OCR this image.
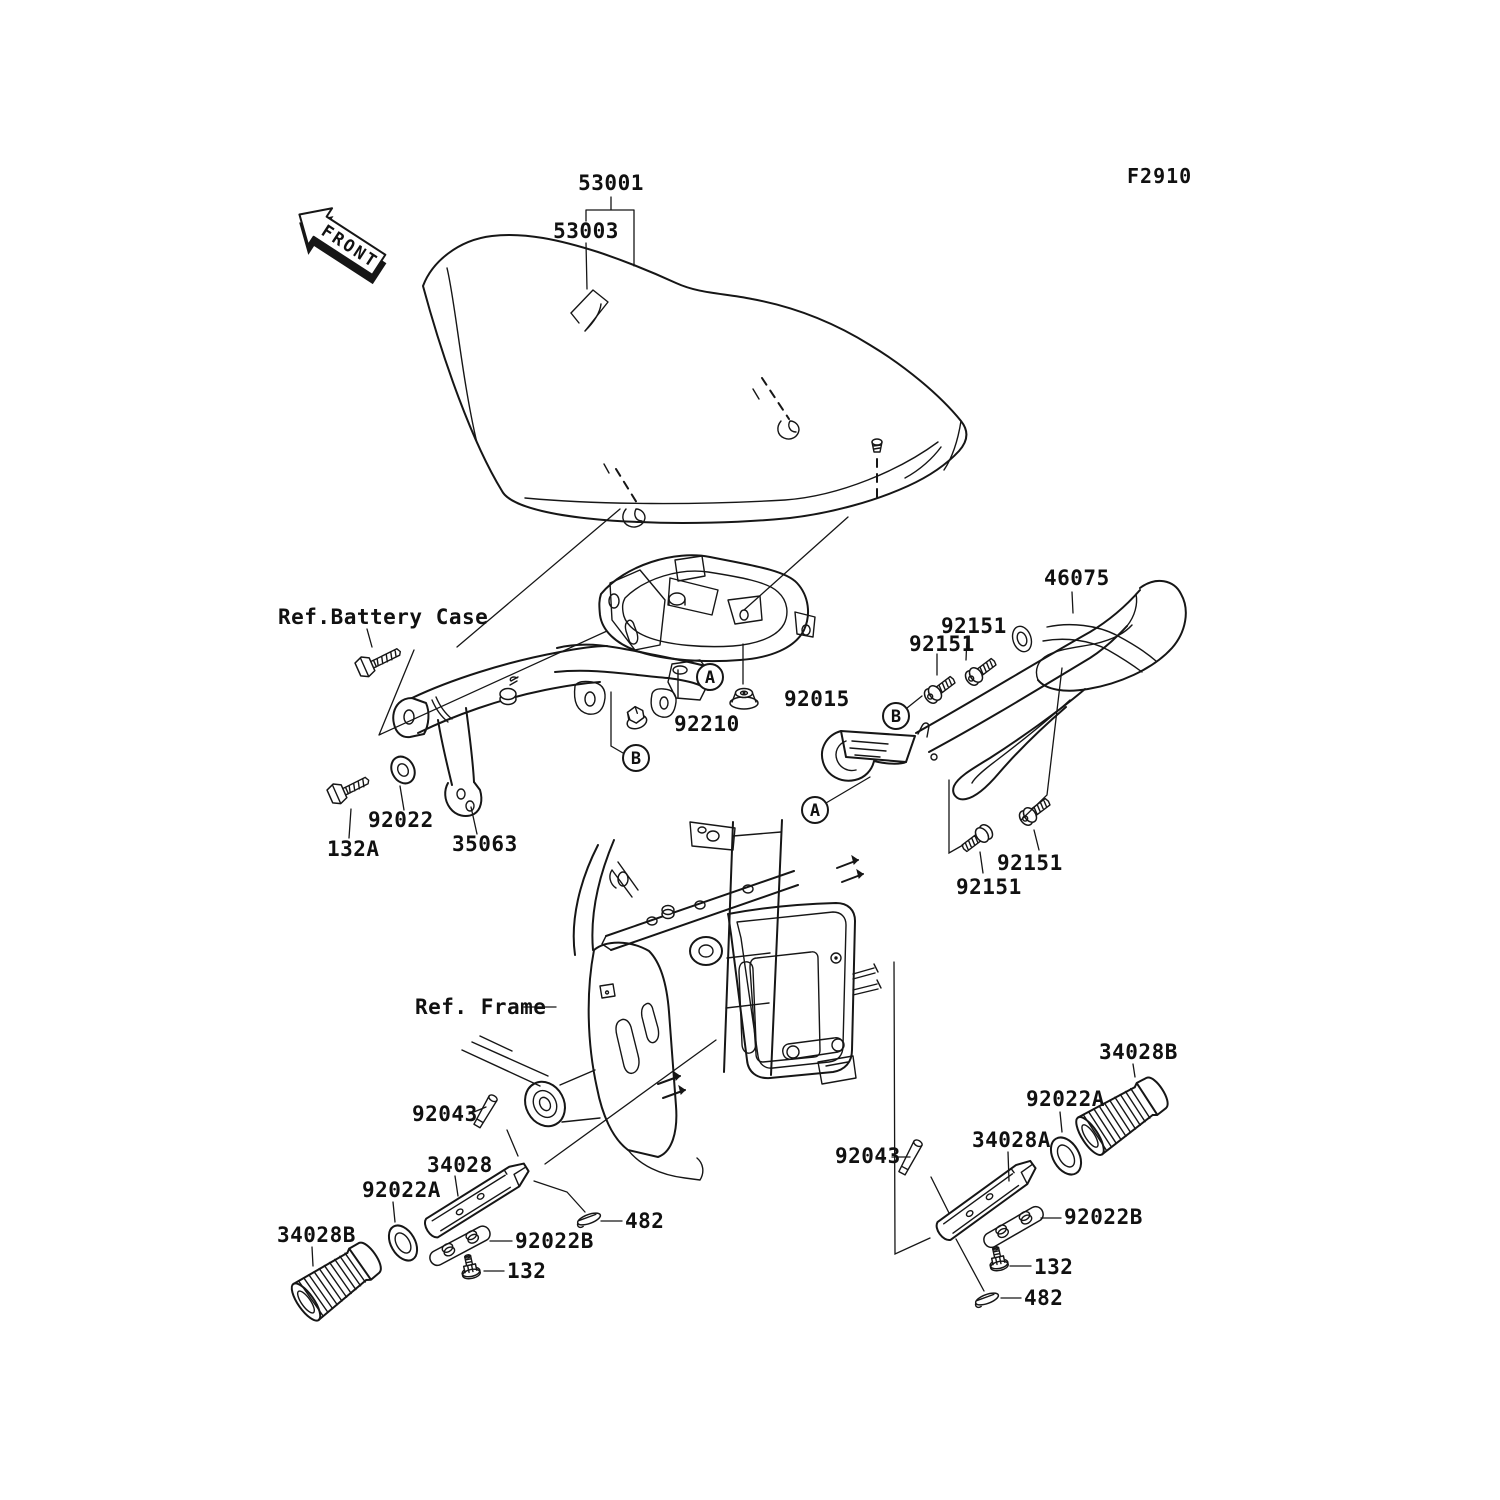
FRONT
A
B
B
A
F2910
53001
53003
Ref.Battery Case
46075
92151
92151
92015
92210
92022
132A	35063
92151
92151
Ref. Frame
92043
34028
92022A
34028B	92022B
132
482
92043
34028A
92022A
34028B
92022B
132
482
